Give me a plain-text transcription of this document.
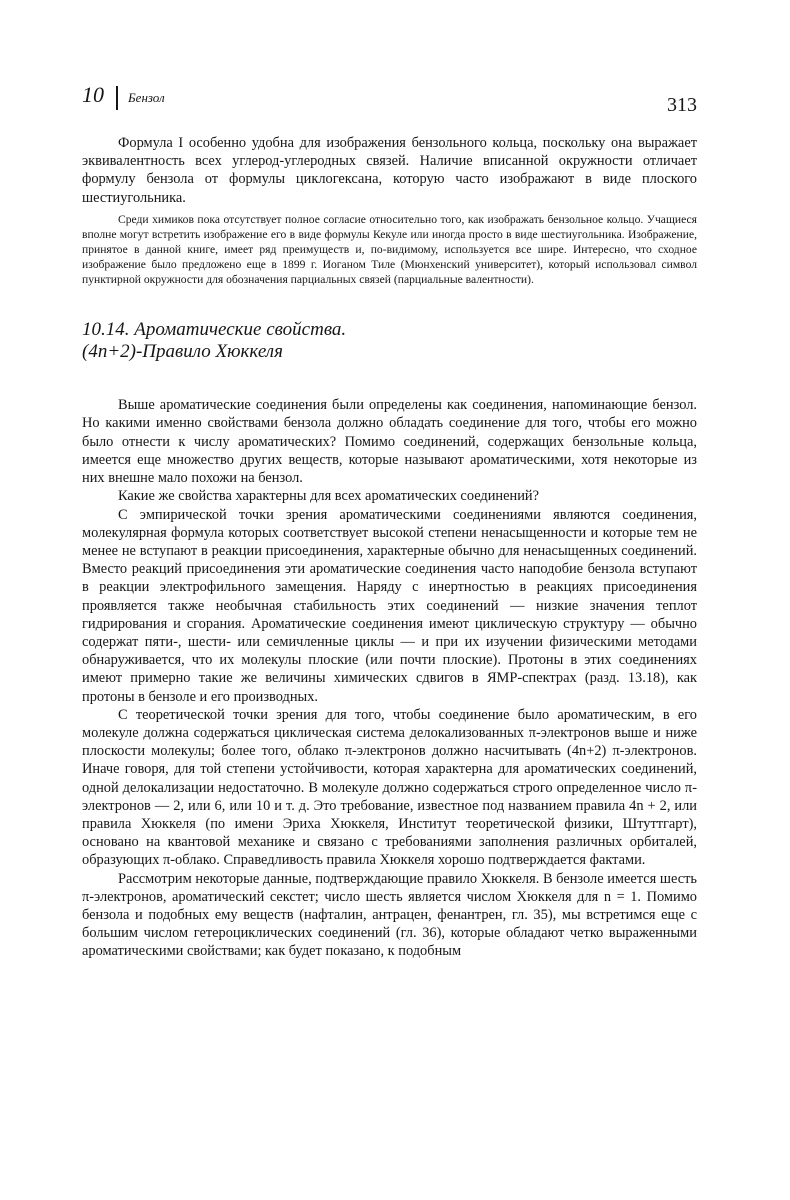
10 Бензол	313

Формула I особенно удобна для изображения бензольного кольца, поскольку она выражает эквивалентность всех углерод-углеродных связей. Наличие вписанной окружности отличает формулу бензола от формулы циклогексана, которую часто изображают в виде плоского шестиугольника.

Среди химиков пока отсутствует полное согласие относительно того, как изображать бензольное кольцо. Учащиеся вполне могут встретить изображение его в виде формулы Кекуле или иногда просто в виде шестиугольника. Изображение, принятое в данной книге, имеет ряд преимуществ и, по-видимому, используется все шире. Интересно, что сходное изображение было предложено еще в 1899 г. Иоганом Тиле (Мюнхенский университет), который использовал символ пунктирной окружности для обозначения парциальных связей (парциальные валентности).

10.14. Ароматические свойства.
(4n+2)-Правило Хюккеля

Выше ароматические соединения были определены как соединения, напоминающие бензол. Но какими именно свойствами бензола должно обладать соединение для того, чтобы его можно было отнести к числу ароматических? Помимо соединений, содержащих бензольные кольца, имеется еще множество других веществ, которые называют ароматическими, хотя некоторые из них внешне мало похожи на бензол.

Какие же свойства характерны для всех ароматических соединений?

С эмпирической точки зрения ароматическими соединениями являются соединения, молекулярная формула которых соответствует высокой степени ненасыщенности и которые тем не менее не вступают в реакции присоединения, характерные обычно для ненасыщенных соединений. Вместо реакций присоединения эти ароматические соединения часто наподобие бензола вступают в реакции электрофильного замещения. Наряду с инертностью в реакциях присоединения проявляется также необычная стабильность этих соединений — низкие значения теплот гидрирования и сгорания. Ароматические соединения имеют циклическую структуру — обычно содержат пяти-, шести- или семичленные циклы — и при их изучении физическими методами обнаруживается, что их молекулы плоские (или почти плоские). Протоны в этих соединениях имеют примерно такие же величины химических сдвигов в ЯМР-спектрах (разд. 13.18), как протоны в бензоле и его производных.

С теоретической точки зрения для того, чтобы соединение было ароматическим, в его молекуле должна содержаться циклическая система делокализованных π-электронов выше и ниже плоскости молекулы; более того, облако π-электронов должно насчитывать (4n+2) π-электронов. Иначе говоря, для той степени устойчивости, которая характерна для ароматических соединений, одной делокализации недостаточно. В молекуле должно содержаться строго определенное число π-электронов — 2, или 6, или 10 и т. д. Это требование, известное под названием правила 4n + 2, или правила Хюккеля (по имени Эриха Хюккеля, Институт теоретической физики, Штуттгарт), основано на квантовой механике и связано с требованиями заполнения различных орбиталей, образующих π-облако. Справедливость правила Хюккеля хорошо подтверждается фактами.

Рассмотрим некоторые данные, подтверждающие правило Хюккеля. В бензоле имеется шесть π-электронов, ароматический секстет; число шесть является числом Хюккеля для n = 1. Помимо бензола и подобных ему веществ (нафталин, антрацен, фенантрен, гл. 35), мы встретимся еще с большим числом гетероциклических соединений (гл. 36), которые обладают четко выраженными ароматическими свойствами; как будет показано, к подобным
